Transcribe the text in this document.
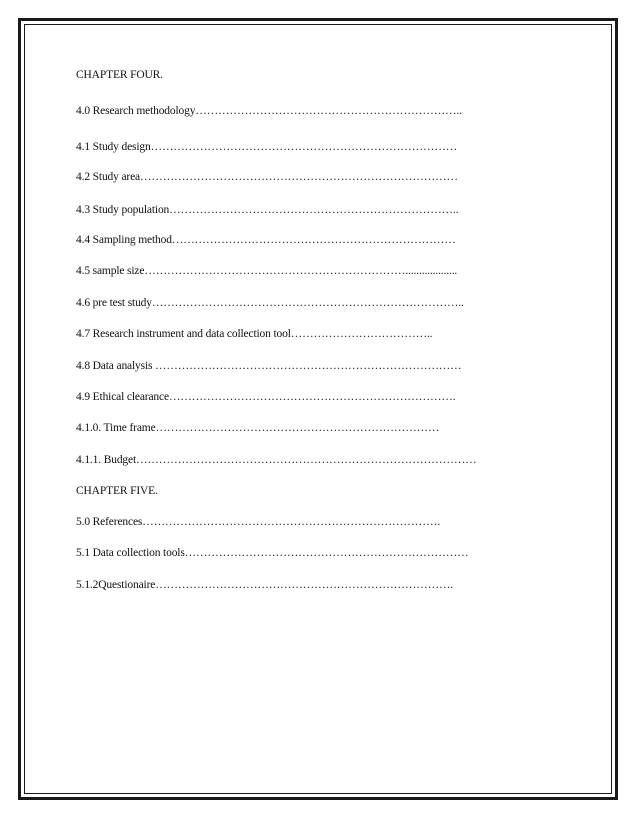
CHAPTER FOUR.
4.0 Research methodology……………………………………………………………..
4.1 Study design………………………………………………………………………
4.2 Study area…………………………………………………………………………
4.3 Study population…………………………………………………………………..
4.4 Sampling method…………………………………………………………………
4.5 sample size……………………………………………………………...................
4.6 pre test study………………………………………………………………………..
4.7 Research instrument and data collection tool………………………………..
4.8 Data analysis ………………………………………………………………………
4.9 Ethical clearance………………………………………………………………….
4.1.0. Time frame…………………………………………………………………
4.1.1. Budget………………………………………………………………………………
CHAPTER FIVE.
5.0 References…………………………………………………………………….
5.1 Data collection tools…………………………………………………………………
5.1.2Questionaire…………………………………………………………………….
